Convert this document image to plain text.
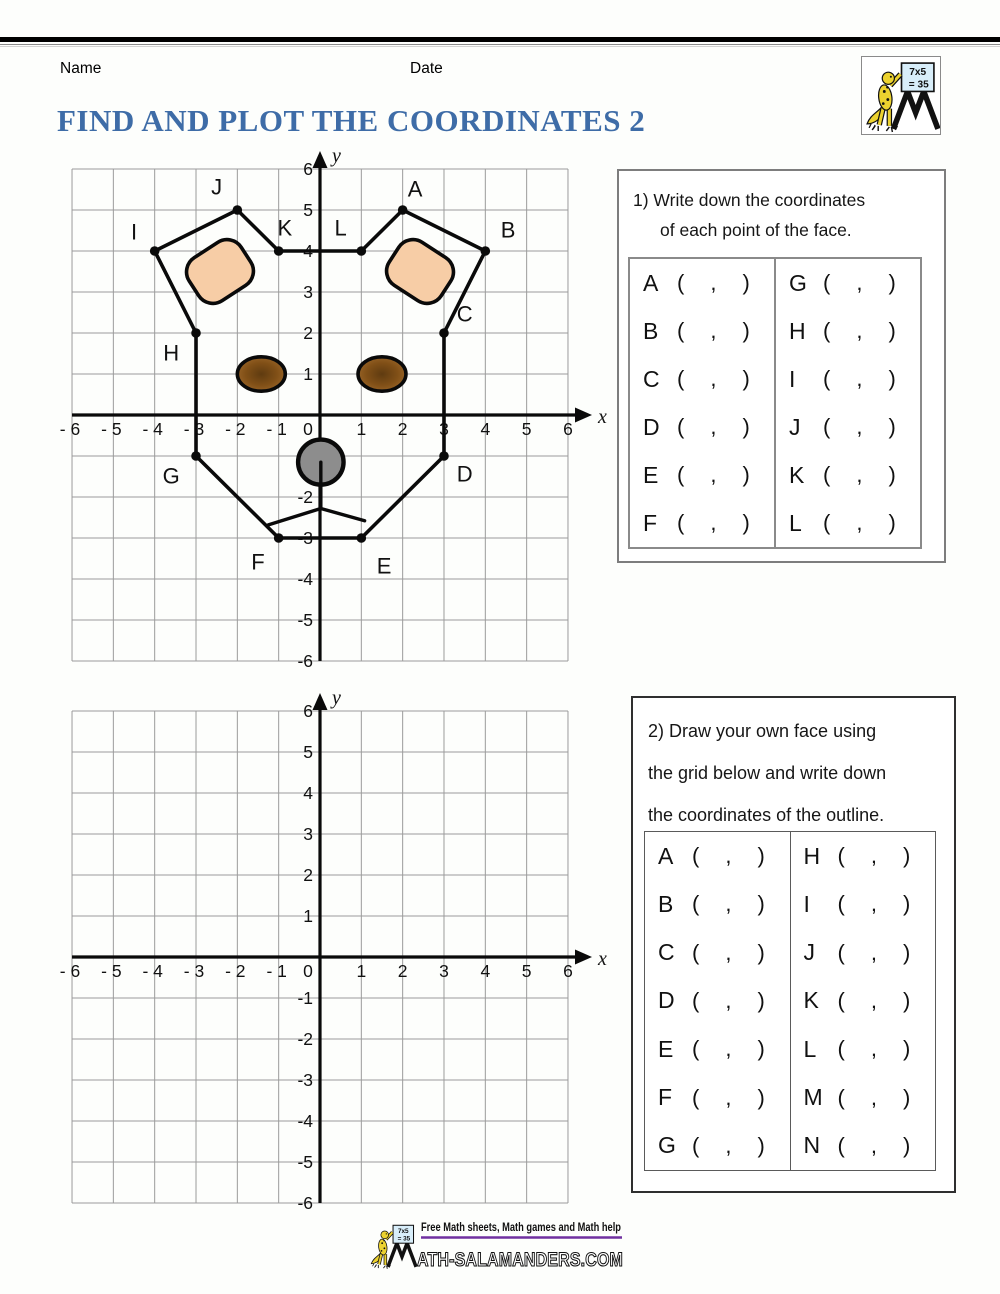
Name	Date
FIND AND PLOT THE COORDINATES 2
x
y
- 6 - 5 - 4 - 3 - 2 - 1 0 1 2 3 4 5 6
-6
-5
-4
-3
-2
1
2
3
4
5
6
A
B
C
D
E
F
G
H
I
J
K L
1) Write down the coordinates
of each point of the face.
A ( , )
B ( , )
C ( , )
D ( , )
E ( , )
F ( , )
G ( , )
H ( , )
I	( , )
J	( , )
K ( , )
L ( , )
x
y
- 6 - 5 - 4 - 3 - 2 - 1 0 1 2 3 4 5 6
-6
-5
-4
-3
-2
-1
1
2
3
4
5
6
2) Draw your own face using
the grid below and write down
the coordinates of the outline.
A ( , )
B ( , )
C ( , )
D ( , )
E ( , )
F ( , )
G ( , )
H ( , )
I	( , )
J	( , )
K ( , )
L ( , )
M ( , )
N ( , )
Free Math sheets, Math games and Math help
ATH-SALAMANDERS.COM
